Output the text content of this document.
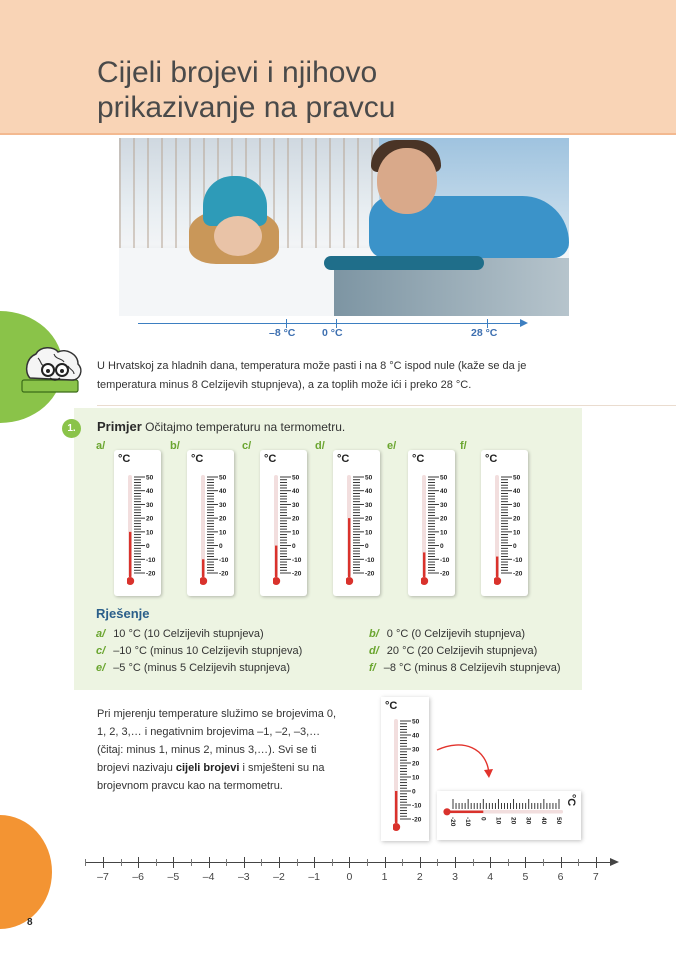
Cijeli brojevi i njihovo
prikazivanje na pravcu
–8 °C	0 °C	28 °C

U Hrvatskoj za hladnih dana, temperatura može pasti i na 8 °C ispod nule (kaže se da je temperatura minus 8 Celzijevih stupnjeva), a za toplih može ići i preko 28 °C.

1.	Primjer Očitajmo temperaturu na termometru.
a/
°C
50
40
30
20
10
0
-10
-20
b/
°C
50
40
30
20
10
0
-10
-20
c/
°C
50
40
30
20
10
0
-10
-20
d/
°C
50
40
30
20
10
0
-10
-20
e/
°C
50
40
30
20
10
0
-10
-20
f/
°C
50
40
30
20
10
0
-10
-20
Rješenje
a/ 10 °C (10 Celzijevih stupnjeva)	b/ 0 °C (0 Celzijevih stupnjeva)
c/ –10 °C (minus 10 Celzijevih stupnjeva)	d/ 20 °C (20 Celzijevih stupnjeva)
e/ –5 °C (minus 5 Celzijevih stupnjeva)	f/ –8 °C (minus 8 Celzijevih stupnjeva)

Pri mjerenju temperature služimo se brojevima 0, 1, 2, 3,… i negativnim brojevima –1, –2, –3,… (čitaj: minus 1, minus 2, minus 3,…). Svi se ti brojevi nazivaju cijeli brojevi i smješteni su na brojevnom pravcu kao na termometru.

°C
50
40
30
20
10
0
-10
-20
°C
50
40
30
20
10
0
-10
-20
–7	–6	–5	–4	–3	–2	–1	0	1	2	3	4	5	6	7
8
